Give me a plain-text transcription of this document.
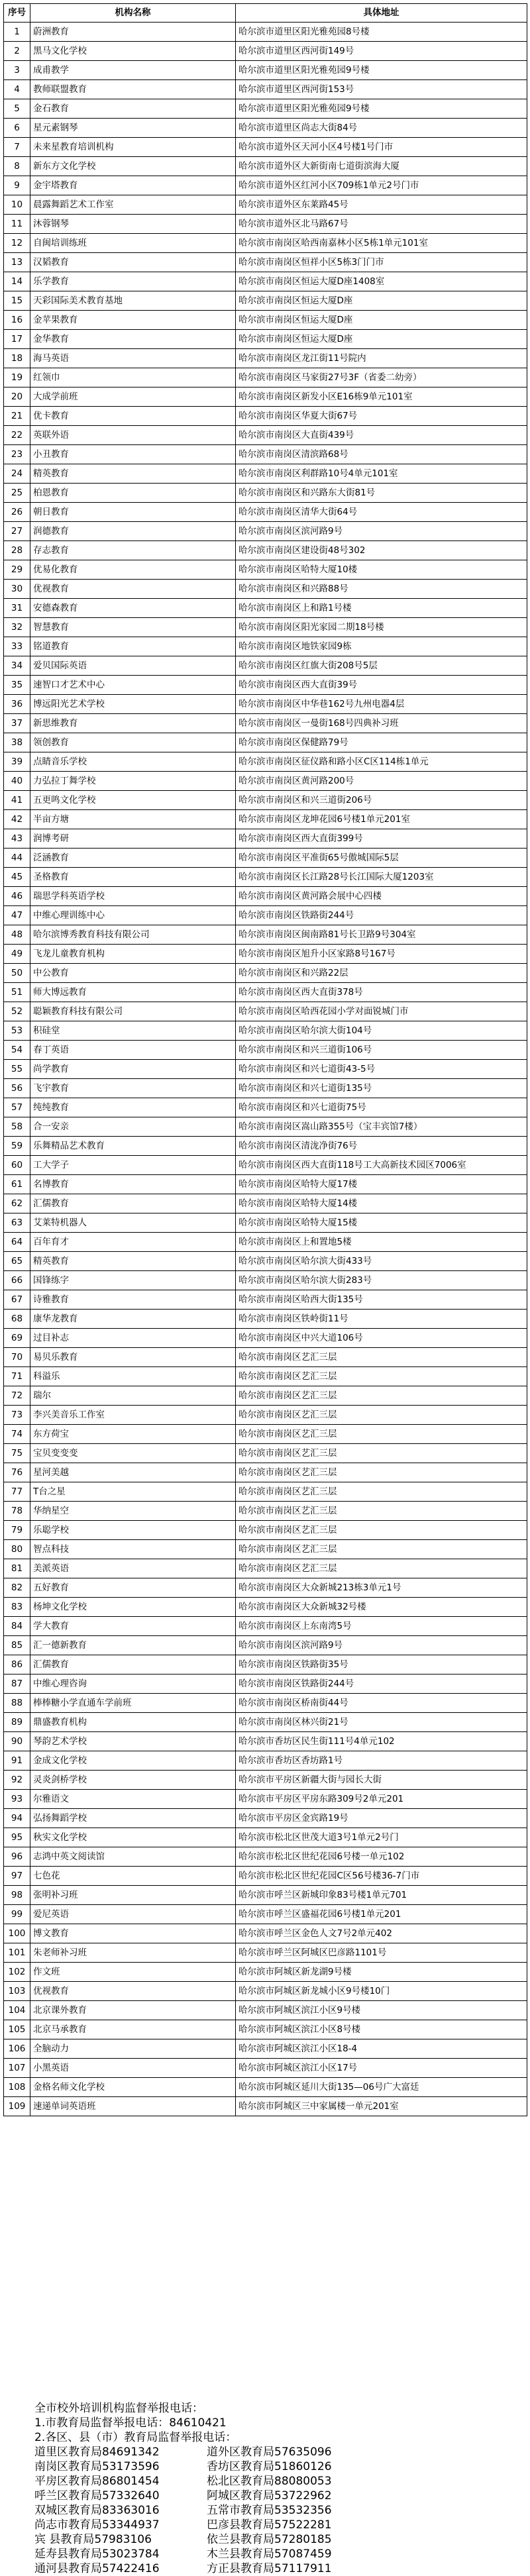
序号	机构名称	具体地址
1	蔚洲教育	哈尔滨市道里区阳光雅苑园8号楼
2	黑马文化学校	哈尔滨市道里区西河街149号
3	成甫教学	哈尔滨市道里区阳光雅苑园9号楼
4	教师联盟教育	哈尔滨市道里区西河街153号
5	金石教育	哈尔滨市道里区阳光雅苑园9号楼
6	星元素钢琴	哈尔滨市道里区尚志大街84号
7	未来星教育培训机构	哈尔滨市道外区天河小区4号楼1号门市
8	新东方文化学校	哈尔滨市道外区大新街南七道街滨海大厦
9	金宇塔教育	哈尔滨市道外区红河小区709栋1单元2号门市
10	晨露舞蹈艺术工作室	哈尔滨市道外区东莱路45号
11	沐蓉钢琴	哈尔滨市道外区北马路67号
12	自闽培训练班	哈尔滨市南岗区哈西南嘉林小区5栋1单元101室
13	汉韬教育	哈尔滨市南岗区恒祥小区5栋3门门市
14	乐学教育	哈尔滨市南岗区恒运大厦D座1408室
15	天彩国际美术教育基地	哈尔滨市南岗区恒运大厦D座
16	金苹果教育	哈尔滨市南岗区恒运大厦D座
17	金华教育	哈尔滨市南岗区恒运大厦D座
18	海马英语	哈尔滨市南岗区龙江街11号院内
19	红领巾	哈尔滨市南岗区马家街27号3F（省委二幼旁）
20	大成学前班	哈尔滨市南岗区新发小区E16栋9单元101室
21	优卡教育	哈尔滨市南岗区华夏大街67号
22	英联外语	哈尔滨市南岗区大直街439号
23	小丑教育	哈尔滨市南岗区清滨路68号
24	精英教育	哈尔滨市南岗区利群路10号4单元101室
25	柏恩教育	哈尔滨市南岗区和兴路东大街81号
26	朝日教育	哈尔滨市南岗区清华大街64号
27	润德教育	哈尔滨市南岗区滨河路9号
28	存志教育	哈尔滨市南岗区建设街48号302
29	优易化教育	哈尔滨市南岗区哈特大厦10楼
30	优视教育	哈尔滨市南岗区和兴路88号
31	安德森教育	哈尔滨市南岗区上和路1号楼
32	智慧教育	哈尔滨市南岗区阳光家园二期18号楼
33	铭道教育	哈尔滨市南岗区地铁家园9栋
34	爱贝国际英语	哈尔滨市南岗区红旗大街208号5层
35	速智口才艺术中心	哈尔滨市南岗区西大直街39号
36	博远阳光艺术学校	哈尔滨市南岗区中华巷162号九州电器4层
37	新思维教育	哈尔滨市南岗区一曼街168号四典补习班
38	领创教育	哈尔滨市南岗区保健路79号
39	点睛音乐学校	哈尔滨市南岗区征仪路和路小区C区114栋1单元
40	力弘拉丁舞学校	哈尔滨市南岗区黄河路200号
41	五更鸣文化学校	哈尔滨市南岗区和兴三道街206号
42	半亩方塘	哈尔滨市南岗区龙坤花园6号楼1单元201室
43	润博考研	哈尔滨市南岗区西大直街399号
44	泛涵教育	哈尔滨市南岗区平准街65号傲城国际5层
45	圣格教育	哈尔滨市南岗区长江路28号长江国际大厦1203室
46	瑞思学科英语学校	哈尔滨市南岗区黄河路会展中心四楼
47	中维心理训练中心	哈尔滨市南岗区铁路街244号
48	哈尔滨博秀教育科技有限公司	哈尔滨市南岗区闽南路81号长卫路9号304室
49	飞龙儿童教育机构	哈尔滨市南岗区旭升小区家路8号167号
50	中公教育	哈尔滨市南岗区和兴路22层
51	师大博远教育	哈尔滨市南岗区西大直街378号
52	聪颖教育科技有限公司	哈尔滨市南岗区哈西花园小学对面锐城门市
53	积硅堂	哈尔滨市南岗区哈尔滨大街104号
54	春丁英语	哈尔滨市南岗区和兴三道街106号
55	尚学教育	哈尔滨市南岗区和兴七道街43-5号
56	飞宇教育	哈尔滨市南岗区和兴七道街135号
57	纯纯教育	哈尔滨市南岗区和兴七道街75号
58	合一安亲	哈尔滨市南岗区嵩山路355号（宝丰宾馆7楼）
59	乐舞精品艺术教育	哈尔滨市南岗区清泷净街76号
60	工大学子	哈尔滨市南岗区西大直街118号工大高新技术园区7006室
61	名博教育	哈尔滨市南岗区哈特大厦17楼
62	汇儒教育	哈尔滨市南岗区哈特大厦14楼
63	艾莱特机器人	哈尔滨市南岗区哈特大厦15楼
64	百年育才	哈尔滨市南岗区上和置地5楼
65	精英教育	哈尔滨市南岗区哈尔滨大街433号
66	国锋练字	哈尔滨市南岗区哈尔滨大街283号
67	诗雅教育	哈尔滨市南岗区哈西大街135号
68	康华龙教育	哈尔滨市南岗区铁岭街11号
69	过目补志	哈尔滨市南岗区中兴大道106号
70	易贝乐教育	哈尔滨市南岗区艺汇三层
71	科溢乐	哈尔滨市南岗区艺汇三层
72	瑞尔	哈尔滨市南岗区艺汇三层
73	李兴美音乐工作室	哈尔滨市南岗区艺汇三层
74	东方荷宝	哈尔滨市南岗区艺汇三层
75	宝贝变变变	哈尔滨市南岗区艺汇三层
76	星河美越	哈尔滨市南岗区艺汇三层
77	T台之星	哈尔滨市南岗区艺汇三层
78	华纳星空	哈尔滨市南岗区艺汇三层
79	乐聪学校	哈尔滨市南岗区艺汇三层
80	智点科技	哈尔滨市南岗区艺汇三层
81	美派英语	哈尔滨市南岗区艺汇三层
82	五好教育	哈尔滨市南岗区大众新城213栋3单元1号
83	杨坤文化学校	哈尔滨市南岗区大众新城32号楼
84	学大教育	哈尔滨市南岗区上东南湾5号
85	汇一德新教育	哈尔滨市南岗区滨河路9号
86	汇儒教育	哈尔滨市南岗区铁路街35号
87	中维心理咨询	哈尔滨市南岗区铁路街244号
88	棒棒糖小学直通车学前班	哈尔滨市南岗区桥南街44号
89	鼎盛教育机构	哈尔滨市南岗区林兴街21号
90	琴韵艺术学校	哈尔滨市香坊区民生街111号4单元102
91	金成文化学校	哈尔滨市香坊区香坊路1号
92	灵炎剑桥学校	哈尔滨市平房区新疆大街与园长大街
93	尔雅语文	哈尔滨市平房区平房东路309号2单元201
94	弘扬舞蹈学校	哈尔滨市平房区金宾路19号
95	秋实文化学校	哈尔滨市松北区世茂大道3号1单元2号门
96	志鸿中英文阅读馆	哈尔滨市松北区世纪花园6号楼一单元102
97	七色花	哈尔滨市松北区世纪花园C区56号楼36-7门市
98	张明补习班	哈尔滨市呼兰区新城印象83号楼1单元701
99	爱尼英语	哈尔滨市呼兰区盛福花园6号楼1单元201
100	博文教育	哈尔滨市呼兰区金色人文7号2单元402
101	朱老师补习班	哈尔滨市呼兰区阿城区巴彦路1101号
102	作文班	哈尔滨市阿城区新龙湖9号楼
103	优视教育	哈尔滨市阿城区新龙城小区9号楼10门
104	北京课外教育	哈尔滨市阿城区滨江小区9号楼
105	北京马承教育	哈尔滨市阿城区滨江小区8号楼
106	全脑动力	哈尔滨市阿城区滨江小区18-4
107	小黑英语	哈尔滨市阿城区滨江小区17号
108	金格名师文化学校	哈尔滨市阿城区延川大街135—06号广大富廷
109	速递单词英语班	哈尔滨市阿城区三中家属楼一单元201室
全市校外培训机构监督举报电话：
1.市教育局监督举报电话：84610421
2.各区、县（市）教育局监督举报电话：
道里区教育局84691342	道外区教育局57635096
南岗区教育局53173596	香坊区教育局51860126
平房区教育局86801454	松北区教育局88080053
呼兰区教育局57332640	阿城区教育局53722962
双城区教育局83363016	五常市教育局53532356
尚志市教育局53344937	巴彦县教育局57522281
宾 县教育局57983106	依兰县教育局57280185
延寿县教育局53023784	木兰县教育局57087459
通河县教育局57422416	方正县教育局57117911
